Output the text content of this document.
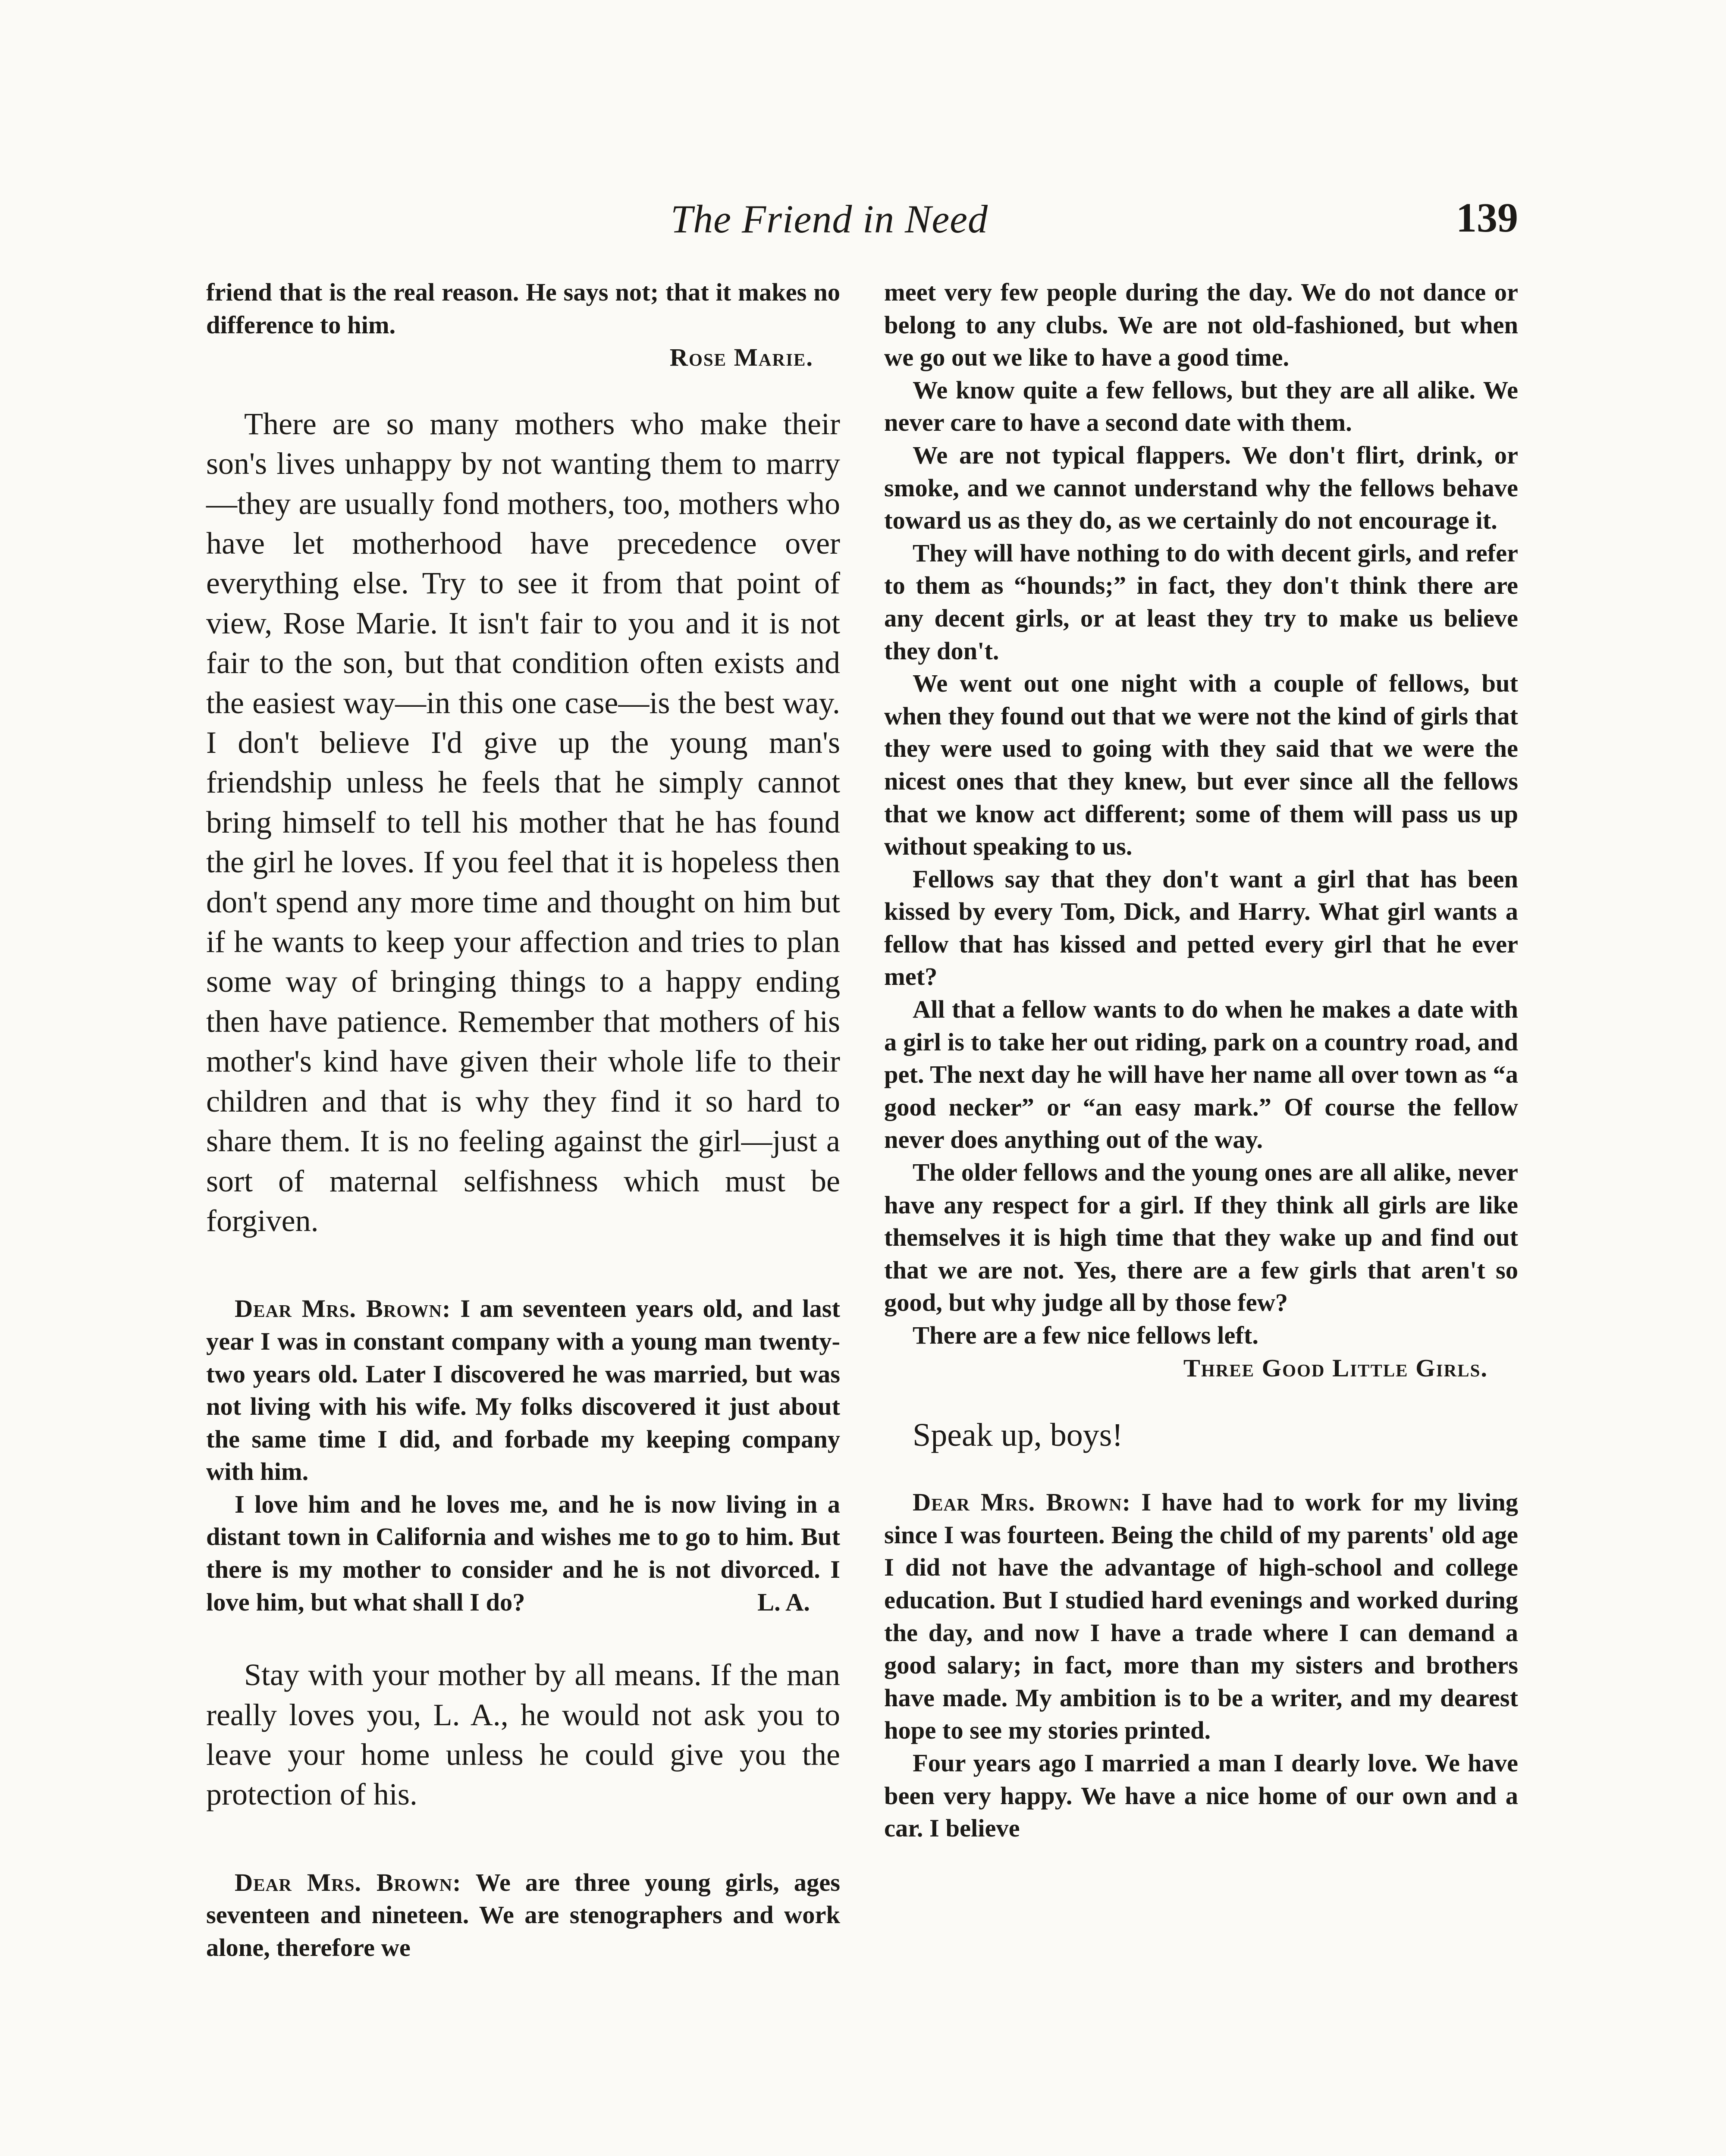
The Friend in Need	139

friend that is the real reason. He says not; that it makes no difference to him.

Rose Marie.

There are so many mothers who make their son's lives unhappy by not wanting them to marry—they are usually fond mothers, too, mothers who have let motherhood have precedence over everything else. Try to see it from that point of view, Rose Marie. It isn't fair to you and it is not fair to the son, but that condition often exists and the easiest way—in this one case—is the best way. I don't believe I'd give up the young man's friendship unless he feels that he simply cannot bring himself to tell his mother that he has found the girl he loves. If you feel that it is hopeless then don't spend any more time and thought on him but if he wants to keep your affection and tries to plan some way of bringing things to a happy ending then have patience. Remember that mothers of his mother's kind have given their whole life to their children and that is why they find it so hard to share them. It is no feeling against the girl—just a sort of maternal selfishness which must be forgiven.

Dear Mrs. Brown: I am seventeen years old, and last year I was in constant company with a young man twenty-two years old. Later I discovered he was married, but was not living with his wife. My folks discovered it just about the same time I did, and forbade my keeping company with him.

I love him and he loves me, and he is now living in a distant town in California and wishes me to go to him. But there is my mother to consider and he is not divorced. I love him, but what shall I do?	L. A.

Stay with your mother by all means. If the man really loves you, L. A., he would not ask you to leave your home unless he could give you the protection of his.

Dear Mrs. Brown: We are three young girls, ages seventeen and nineteen. We are stenographers and work alone, therefore we

meet very few people during the day. We do not dance or belong to any clubs. We are not old-fashioned, but when we go out we like to have a good time.

We know quite a few fellows, but they are all alike. We never care to have a second date with them.

We are not typical flappers. We don't flirt, drink, or smoke, and we cannot understand why the fellows behave toward us as they do, as we certainly do not encourage it.

They will have nothing to do with decent girls, and refer to them as “hounds;” in fact, they don't think there are any decent girls, or at least they try to make us believe they don't.

We went out one night with a couple of fellows, but when they found out that we were not the kind of girls that they were used to going with they said that we were the nicest ones that they knew, but ever since all the fellows that we know act different; some of them will pass us up without speaking to us.

Fellows say that they don't want a girl that has been kissed by every Tom, Dick, and Harry. What girl wants a fellow that has kissed and petted every girl that he ever met?

All that a fellow wants to do when he makes a date with a girl is to take her out riding, park on a country road, and pet. The next day he will have her name all over town as “a good necker” or “an easy mark.” Of course the fellow never does anything out of the way.

The older fellows and the young ones are all alike, never have any respect for a girl. If they think all girls are like themselves it is high time that they wake up and find out that we are not. Yes, there are a few girls that aren't so good, but why judge all by those few?

There are a few nice fellows left.

Three Good Little Girls.

Speak up, boys!

Dear Mrs. Brown: I have had to work for my living since I was fourteen. Being the child of my parents' old age I did not have the advantage of high-school and college education. But I studied hard evenings and worked during the day, and now I have a trade where I can demand a good salary; in fact, more than my sisters and brothers have made. My ambition is to be a writer, and my dearest hope to see my stories printed.

Four years ago I married a man I dearly love. We have been very happy. We have a nice home of our own and a car. I believe
